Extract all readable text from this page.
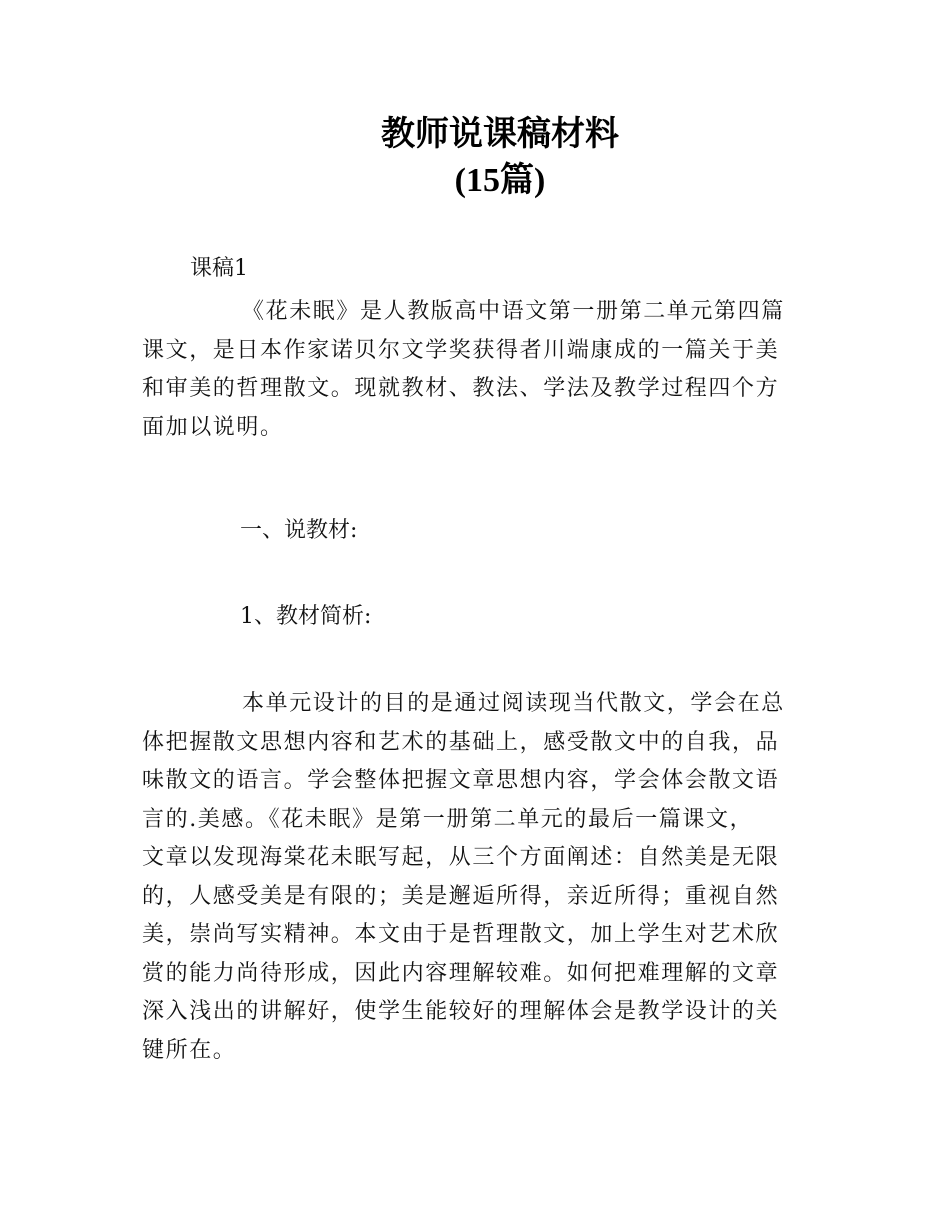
教师说课稿材料
(15篇)
课稿1
《花未眠》是人教版高中语文第一册第二单元第四篇
课文，是日本作家诺贝尔文学奖获得者川端康成的一篇关于美
和审美的哲理散文。现就教材、教法、学法及教学过程四个方
面加以说明。
一、说教材:
1、教材简析:
本单元设计的目的是通过阅读现当代散文，学会在总
体把握散文思想内容和艺术的基础上，感受散文中的自我，品
味散文的语言。学会整体把握文章思想内容，学会体会散文语
言的.美感。《花未眠》是第一册第二单元的最后一篇课文，
文章以发现海棠花未眠写起，从三个方面阐述：自然美是无限
的，人感受美是有限的；美是邂逅所得，亲近所得；重视自然
美，崇尚写实精神。本文由于是哲理散文，加上学生对艺术欣
赏的能力尚待形成，因此内容理解较难。如何把难理解的文章
深入浅出的讲解好，使学生能较好的理解体会是教学设计的关
键所在。
